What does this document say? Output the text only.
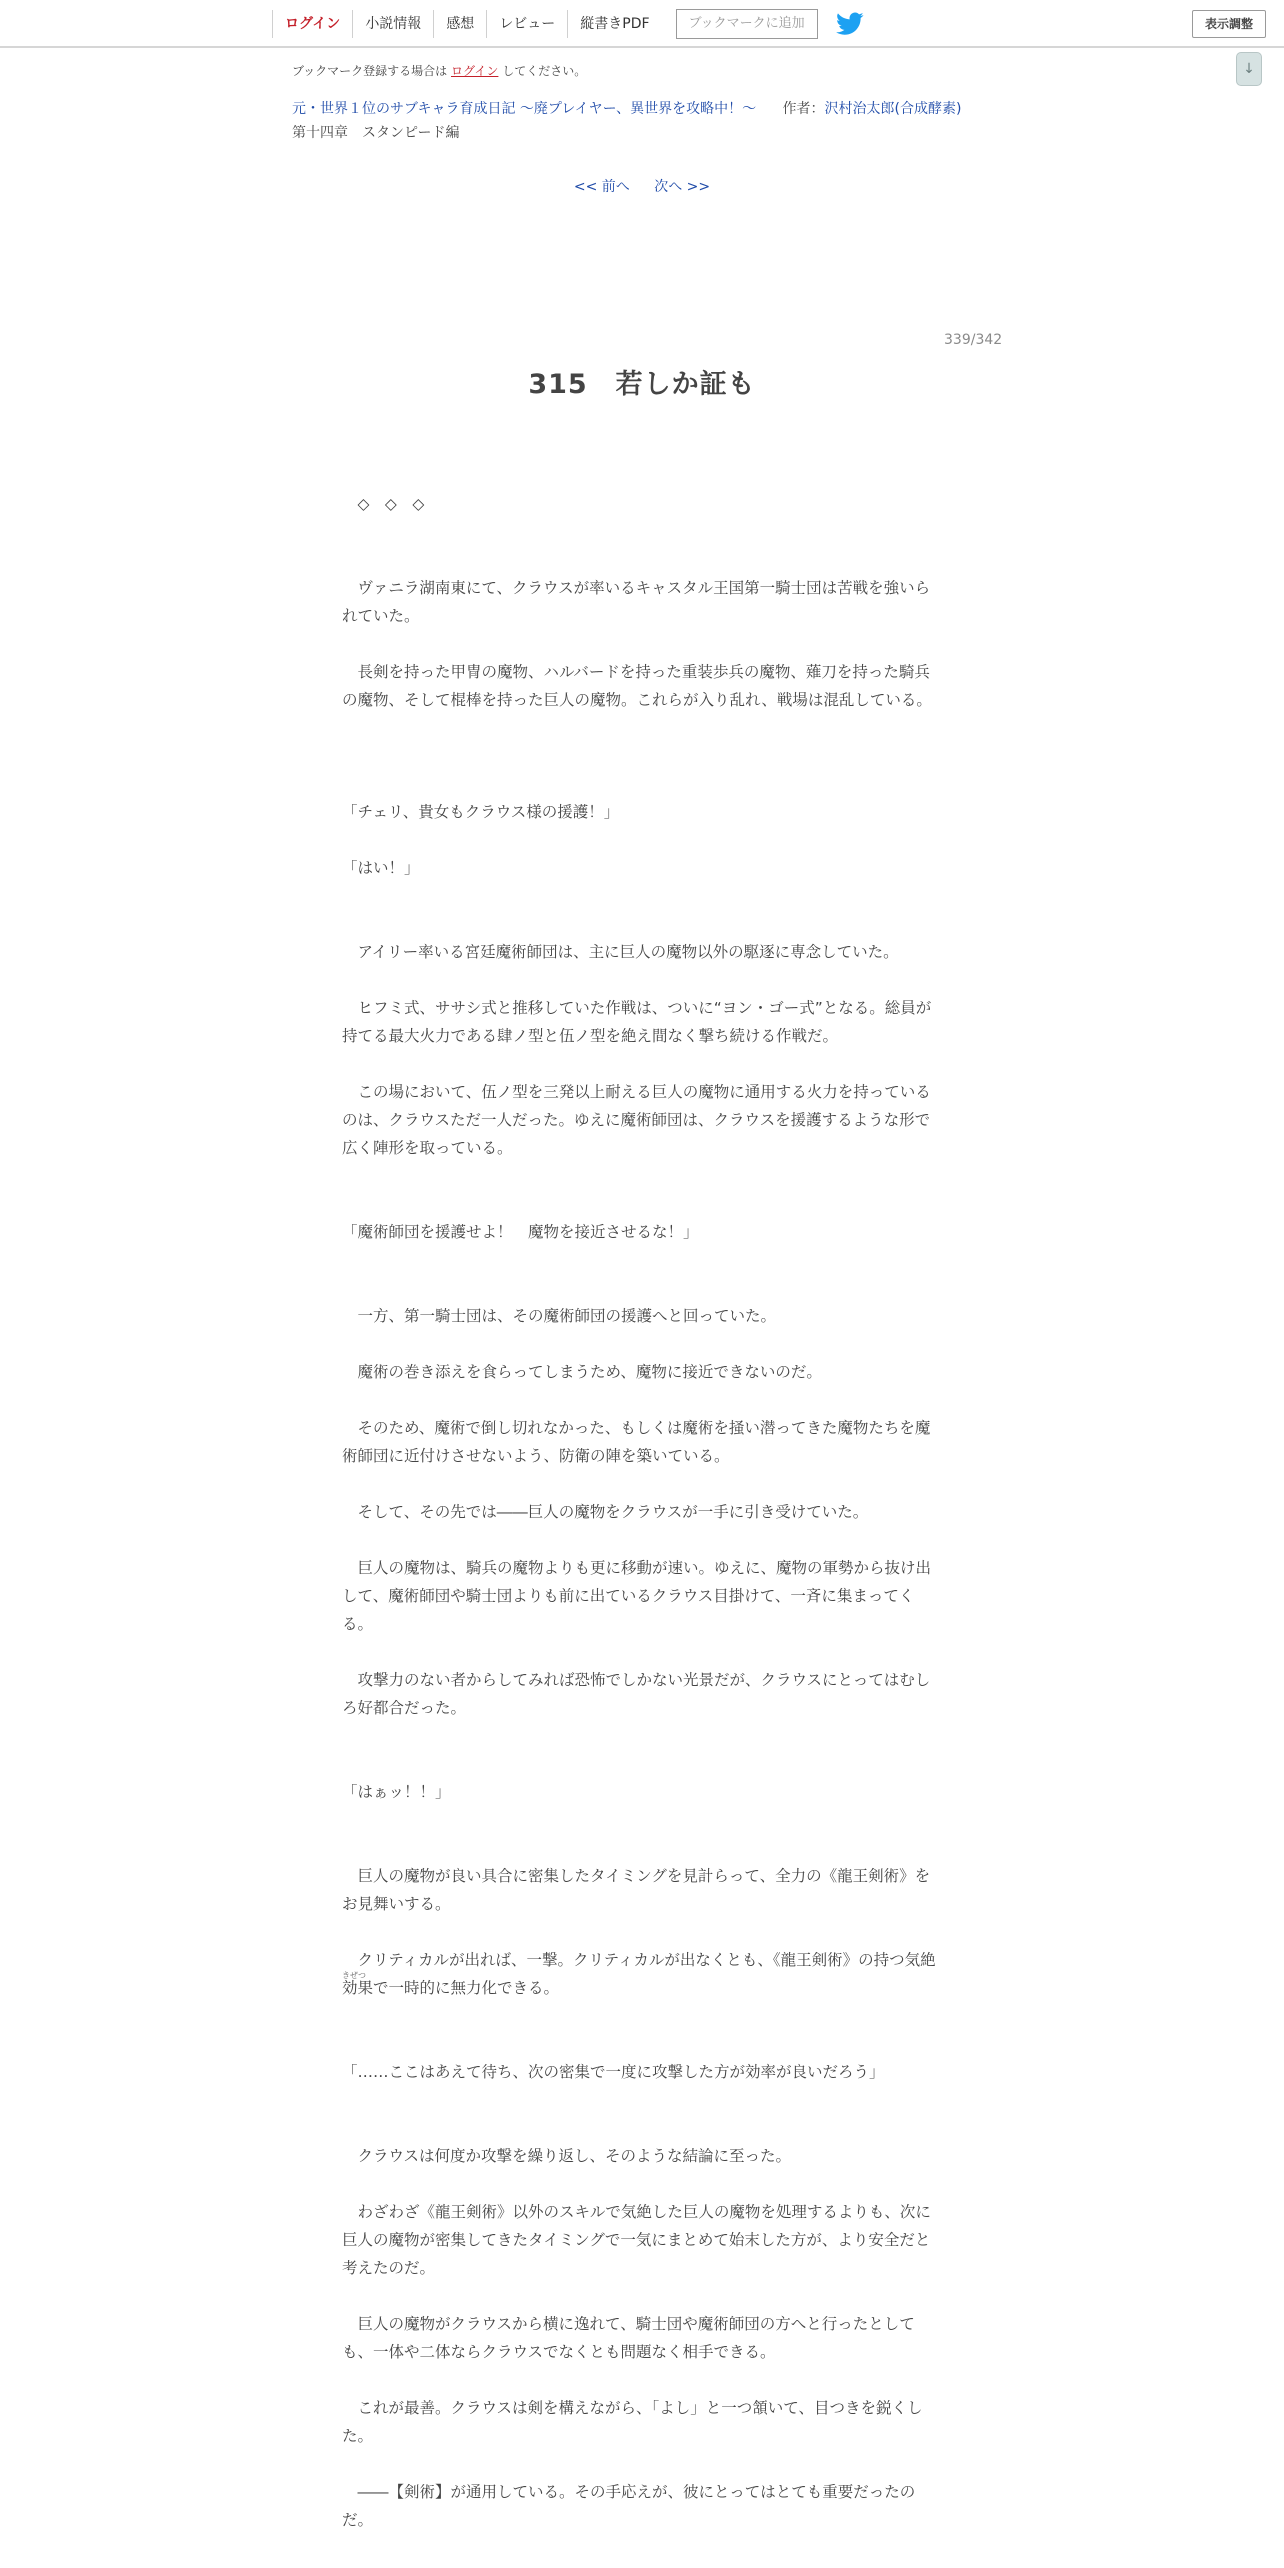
ログイン	小説情報	感想	レビュー	縦書きPDF	ブックマークに追加	表示調整
↓
ブックマーク登録する場合は ログイン してください。
元・世界１位のサブキャラ育成日記 ～廃プレイヤー、異世界を攻略中！～ 作者：沢村治太郎(合成酵素)
第十四章　スタンピード編
<< 前へ 次へ >>
339/342
315　若しか証も

　◇　◇　◇

　ヴァニラ湖南東にて、クラウスが率いるキャスタル王国第一騎士団は苦戦を強いられていた。

　長剣を持った甲冑の魔物、ハルバードを持った重装歩兵の魔物、薙刀を持った騎兵の魔物、そして棍棒を持った巨人の魔物。これらが入り乱れ、戦場は混乱している。

「チェリ、貴女もクラウス様の援護！」

「はい！」

　アイリー率いる宮廷魔術師団は、主に巨人の魔物以外の駆逐に専念していた。

　ヒフミ式、ササシ式と推移していた作戦は、ついに“ヨン・ゴー式”となる。総員が持てる最大火力である肆ノ型と伍ノ型を絶え間なく撃ち続ける作戦だ。

　この場において、伍ノ型を三発以上耐える巨人の魔物に通用する火力を持っているのは、クラウスただ一人だった。ゆえに魔術師団は、クラウスを援護するような形で広く陣形を取っている。

「魔術師団を援護せよ！　魔物を接近させるな！」

　一方、第一騎士団は、その魔術師団の援護へと回っていた。

　魔術の巻き添えを食らってしまうため、魔物に接近できないのだ。

　そのため、魔術で倒し切れなかった、もしくは魔術を掻い潜ってきた魔物たちを魔術師団に近付けさせないよう、防衛の陣を築いている。

　そして、その先では――巨人の魔物をクラウスが一手に引き受けていた。

　巨人の魔物は、騎兵の魔物よりも更に移動が速い。ゆえに、魔物の軍勢から抜け出して、魔術師団や騎士団よりも前に出ているクラウス目掛けて、一斉に集まってくる。

　攻撃力のない者からしてみれば恐怖でしかない光景だが、クラウスにとってはむしろ好都合だった。

「はぁッ！！」

　巨人の魔物が良い具合に密集したタイミングを見計らって、全力の《龍王剣術》をお見舞いする。

　クリティカルが出れば、一撃。クリティカルが出なくとも、《龍王剣術》の持つ気絶効果で一時的に無力化できる。

「……ここはあえて待ち、次の密集で一度に攻撃した方が効率が良いだろう」

　クラウスは何度か攻撃を繰り返し、そのような結論に至った。

　わざわざ《龍王剣術》以外のスキルで気絶した巨人の魔物を処理するよりも、次に巨人の魔物が密集してきたタイミングで一気にまとめて始末した方が、より安全だと考えたのだ。

　巨人の魔物がクラウスから横に逸れて、騎士団や魔術師団の方へと行ったとしても、一体や二体ならクラウスでなくとも問題なく相手できる。

　これが最善。クラウスは剣を構えながら、「よし」と一つ頷いて、目つきを鋭くした。

　――【剣術】が通用している。その手応えが、彼にとってはとても重要だったのだ。

きぜつ
